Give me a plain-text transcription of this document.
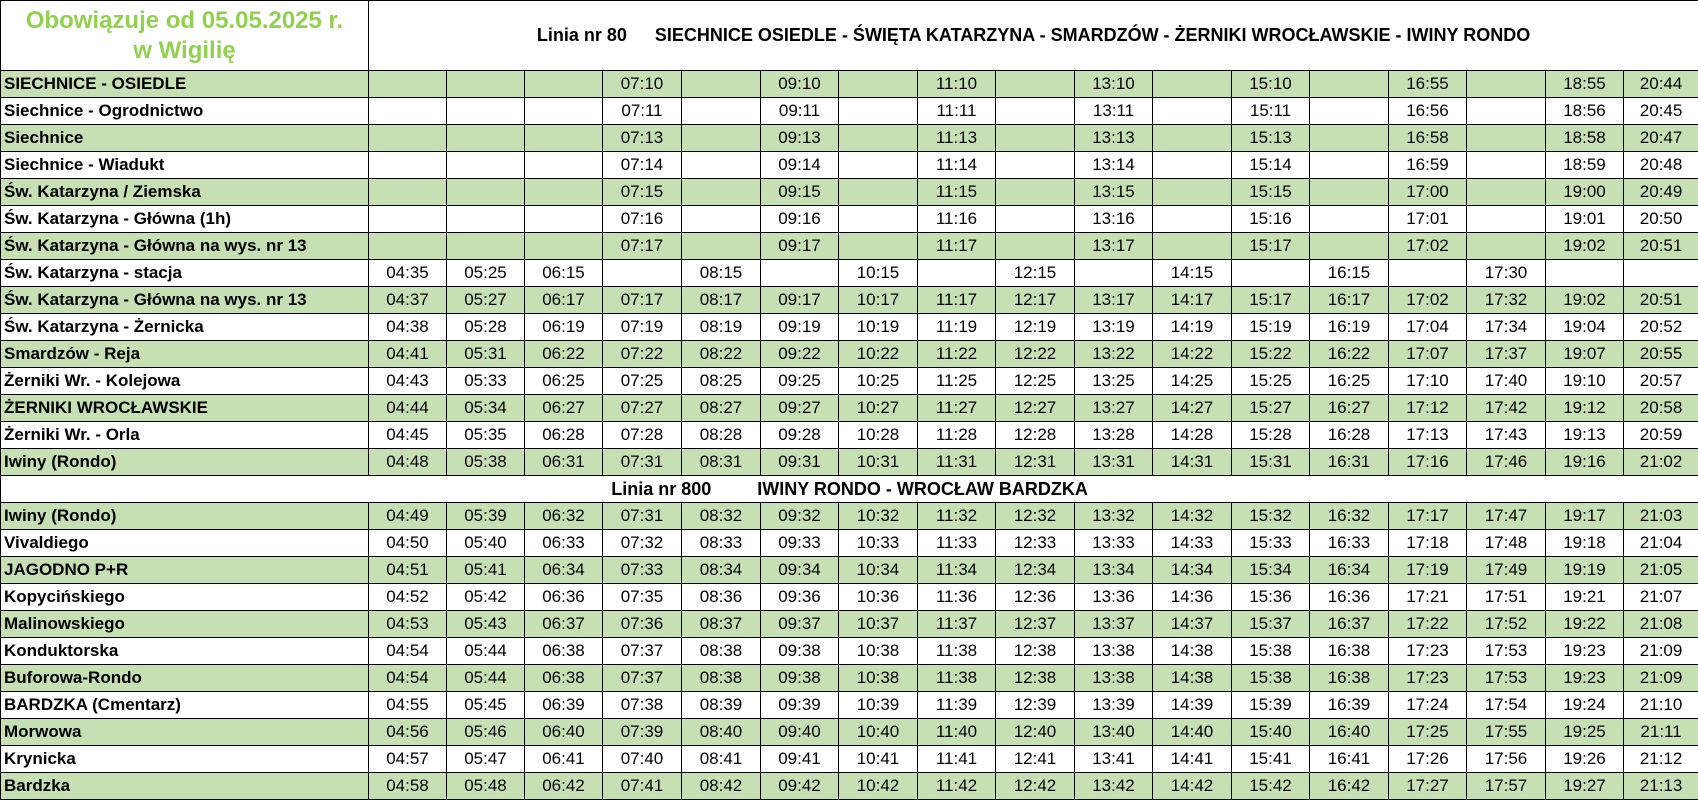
Obowiązuje od 05.05.2025 r.
w Wigilię	Linia nr 80 SIECHNICE OSIEDLE - ŚWIĘTA KATARZYNA - SMARDZÓW - ŻERNIKI WROCŁAWSKIE - IWINY RONDO																
SIECHNICE - OSIEDLE				07:10		09:10		11:10		13:10		15:10		16:55		18:55	20:44
Siechnice - Ogrodnictwo				07:11		09:11		11:11		13:11		15:11		16:56		18:56	20:45
Siechnice				07:13		09:13		11:13		13:13		15:13		16:58		18:58	20:47
Siechnice - Wiadukt				07:14		09:14		11:14		13:14		15:14		16:59		18:59	20:48
Św. Katarzyna / Ziemska				07:15		09:15		11:15		13:15		15:15		17:00		19:00	20:49
Św. Katarzyna - Główna (1h)				07:16		09:16		11:16		13:16		15:16		17:01		19:01	20:50
Św. Katarzyna - Główna na wys. nr 13				07:17		09:17		11:17		13:17		15:17		17:02		19:02	20:51
Św. Katarzyna - stacja	04:35	05:25	06:15		08:15		10:15		12:15		14:15		16:15		17:30		
Św. Katarzyna - Główna na wys. nr 13	04:37	05:27	06:17	07:17	08:17	09:17	10:17	11:17	12:17	13:17	14:17	15:17	16:17	17:02	17:32	19:02	20:51
Św. Katarzyna - Żernicka	04:38	05:28	06:19	07:19	08:19	09:19	10:19	11:19	12:19	13:19	14:19	15:19	16:19	17:04	17:34	19:04	20:52
Smardzów - Reja	04:41	05:31	06:22	07:22	08:22	09:22	10:22	11:22	12:22	13:22	14:22	15:22	16:22	17:07	17:37	19:07	20:55
Żerniki Wr. - Kolejowa	04:43	05:33	06:25	07:25	08:25	09:25	10:25	11:25	12:25	13:25	14:25	15:25	16:25	17:10	17:40	19:10	20:57
ŻERNIKI WROCŁAWSKIE	04:44	05:34	06:27	07:27	08:27	09:27	10:27	11:27	12:27	13:27	14:27	15:27	16:27	17:12	17:42	19:12	20:58
Żerniki Wr. - Orla	04:45	05:35	06:28	07:28	08:28	09:28	10:28	11:28	12:28	13:28	14:28	15:28	16:28	17:13	17:43	19:13	20:59
Iwiny (Rondo)	04:48	05:38	06:31	07:31	08:31	09:31	10:31	11:31	12:31	13:31	14:31	15:31	16:31	17:16	17:46	19:16	21:02
Linia nr 800 IWINY RONDO - WROCŁAW BARDZKA																	
Iwiny (Rondo)	04:49	05:39	06:32	07:31	08:32	09:32	10:32	11:32	12:32	13:32	14:32	15:32	16:32	17:17	17:47	19:17	21:03
Vivaldiego	04:50	05:40	06:33	07:32	08:33	09:33	10:33	11:33	12:33	13:33	14:33	15:33	16:33	17:18	17:48	19:18	21:04
JAGODNO P+R	04:51	05:41	06:34	07:33	08:34	09:34	10:34	11:34	12:34	13:34	14:34	15:34	16:34	17:19	17:49	19:19	21:05
Kopycińskiego	04:52	05:42	06:36	07:35	08:36	09:36	10:36	11:36	12:36	13:36	14:36	15:36	16:36	17:21	17:51	19:21	21:07
Malinowskiego	04:53	05:43	06:37	07:36	08:37	09:37	10:37	11:37	12:37	13:37	14:37	15:37	16:37	17:22	17:52	19:22	21:08
Konduktorska	04:54	05:44	06:38	07:37	08:38	09:38	10:38	11:38	12:38	13:38	14:38	15:38	16:38	17:23	17:53	19:23	21:09
Buforowa-Rondo	04:54	05:44	06:38	07:37	08:38	09:38	10:38	11:38	12:38	13:38	14:38	15:38	16:38	17:23	17:53	19:23	21:09
BARDZKA (Cmentarz)	04:55	05:45	06:39	07:38	08:39	09:39	10:39	11:39	12:39	13:39	14:39	15:39	16:39	17:24	17:54	19:24	21:10
Morwowa	04:56	05:46	06:40	07:39	08:40	09:40	10:40	11:40	12:40	13:40	14:40	15:40	16:40	17:25	17:55	19:25	21:11
Krynicka	04:57	05:47	06:41	07:40	08:41	09:41	10:41	11:41	12:41	13:41	14:41	15:41	16:41	17:26	17:56	19:26	21:12
Bardzka	04:58	05:48	06:42	07:41	08:42	09:42	10:42	11:42	12:42	13:42	14:42	15:42	16:42	17:27	17:57	19:27	21:13
